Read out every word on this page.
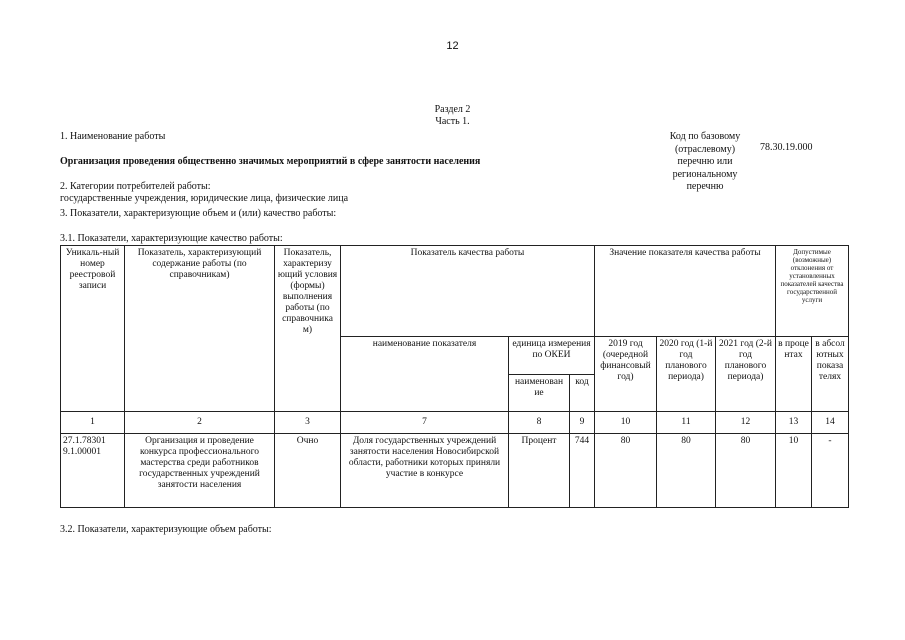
12
Раздел 2
Часть 1.
1. Наименование работы
Организация проведения общественно значимых мероприятий в сфере занятости населения
2. Категории потребителей работы:
государственные учреждения, юридические лица, физические лица
3. Показатели, характеризующие объем и (или) качество работы:
3.1. Показатели, характеризующие качество работы:
Код по базовому
(отраслевому)
перечню или
региональному
перечню
78.30.19.000
Уникаль-ный номер реестровой записи	Показатель, характеризующий содержание работы (по справочникам)	Показатель, характеризу ющий условия (формы) выполнения работы (по справочника м)	Показатель качества работы			Значение показателя качества работы			Допустимые (возможные) отклонения от установленных показателей качества государственной услуги	
			наименование показателя	единица измерения по ОКЕИ		2019 год (очередной финансовый год)	2020 год (1-й год планового периода)	2021 год (2-й год планового периода)	в проце нтах	в абсол ютных показа телях
				наименован ие	код					
1	2	3	7	8	9	10	11	12	13	14
27.1.78301 9.1.00001	Организация и проведение конкурса профессионального мастерства среди работников государственных учреждений занятости населения	Очно	Доля государственных учреждений занятости населения Новосибирской области, работники которых приняли участие в конкурсе	Процент	744	80	80	80	10	-
3.2. Показатели, характеризующие объем работы:
